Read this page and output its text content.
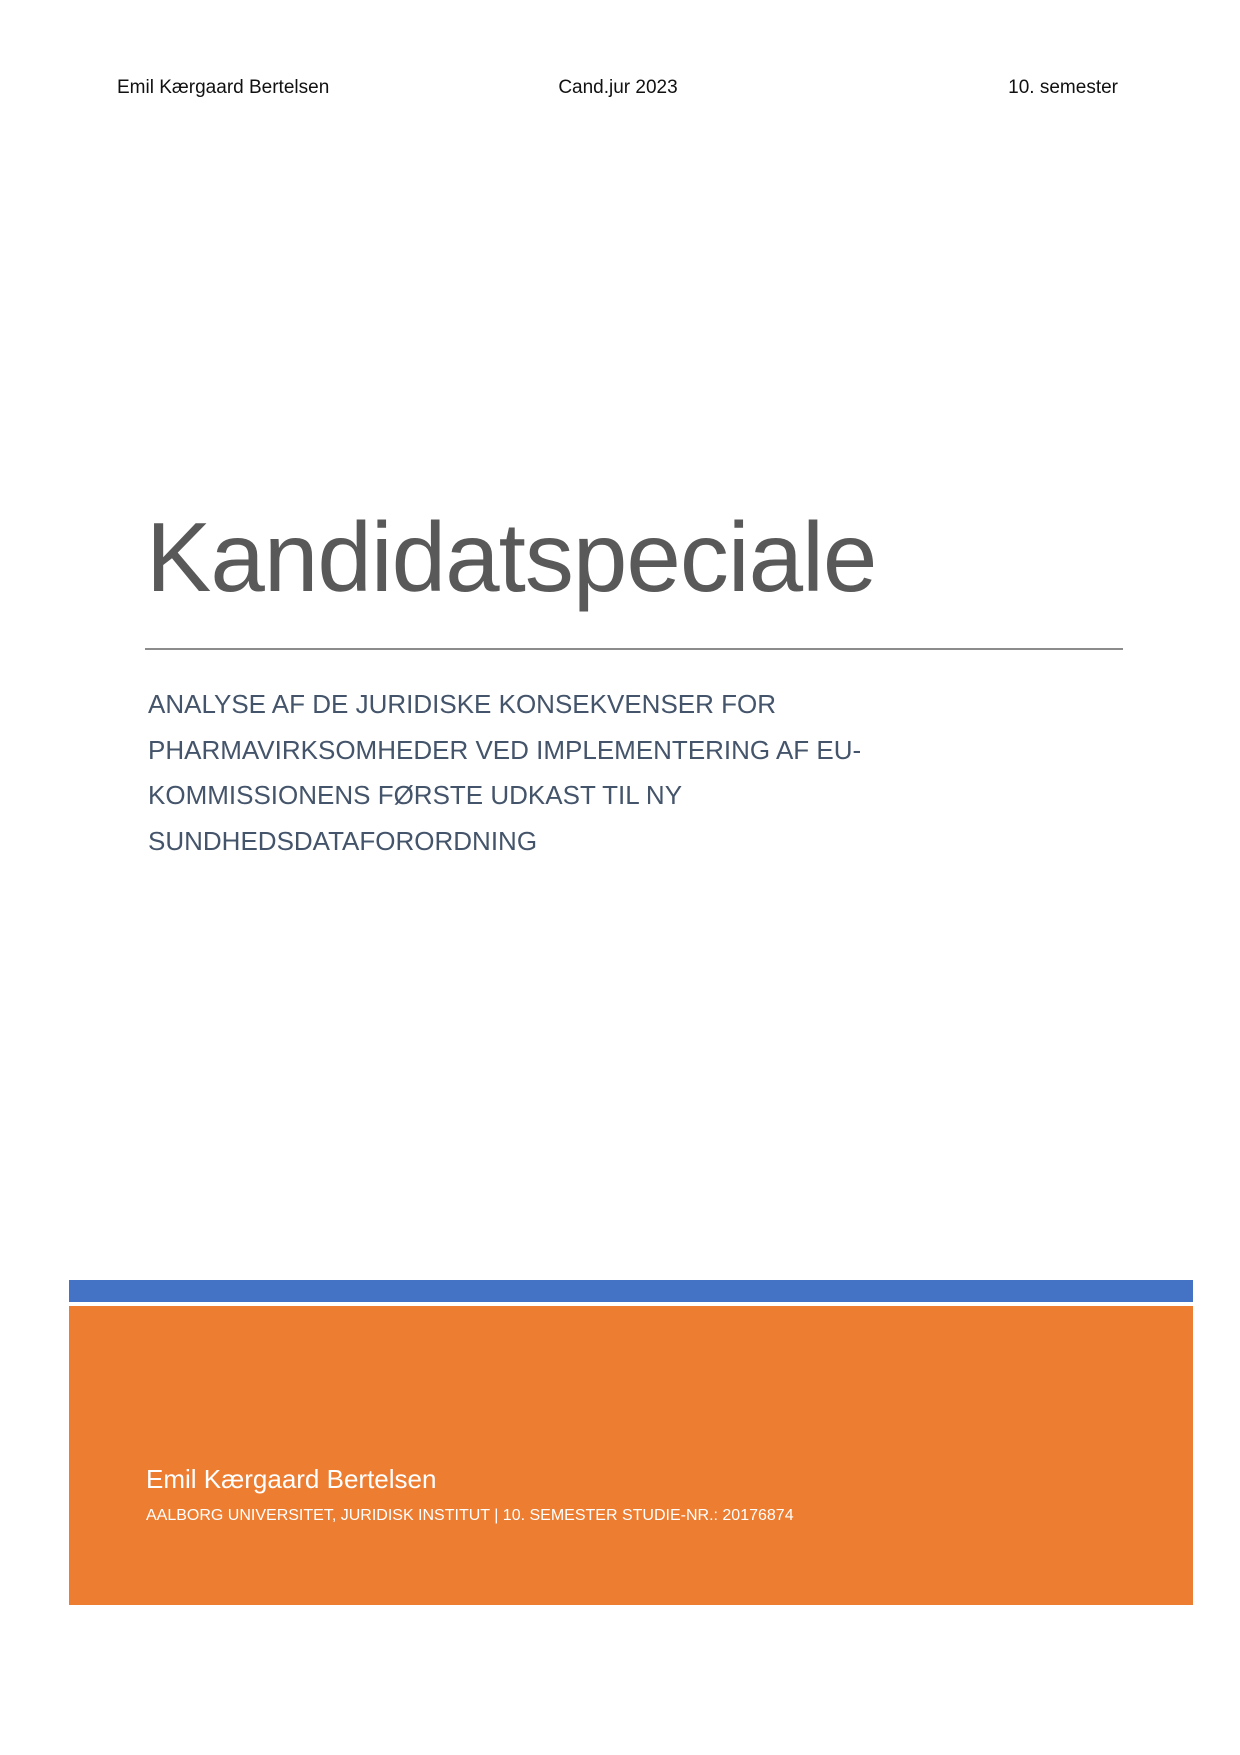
Emil Kærgaard Bertelsen	Cand.jur 2023	10. semester
Kandidatspeciale
ANALYSE AF DE JURIDISKE KONSEKVENSER FOR PHARMAVIRKSOMHEDER VED IMPLEMENTERING AF EU-KOMMISSIONENS FØRSTE UDKAST TIL NY SUNDHEDSDATAFORORDNING
Emil Kærgaard Bertelsen
AALBORG UNIVERSITET, JURIDISK INSTITUT | 10. SEMESTER STUDIE-NR.: 20176874
